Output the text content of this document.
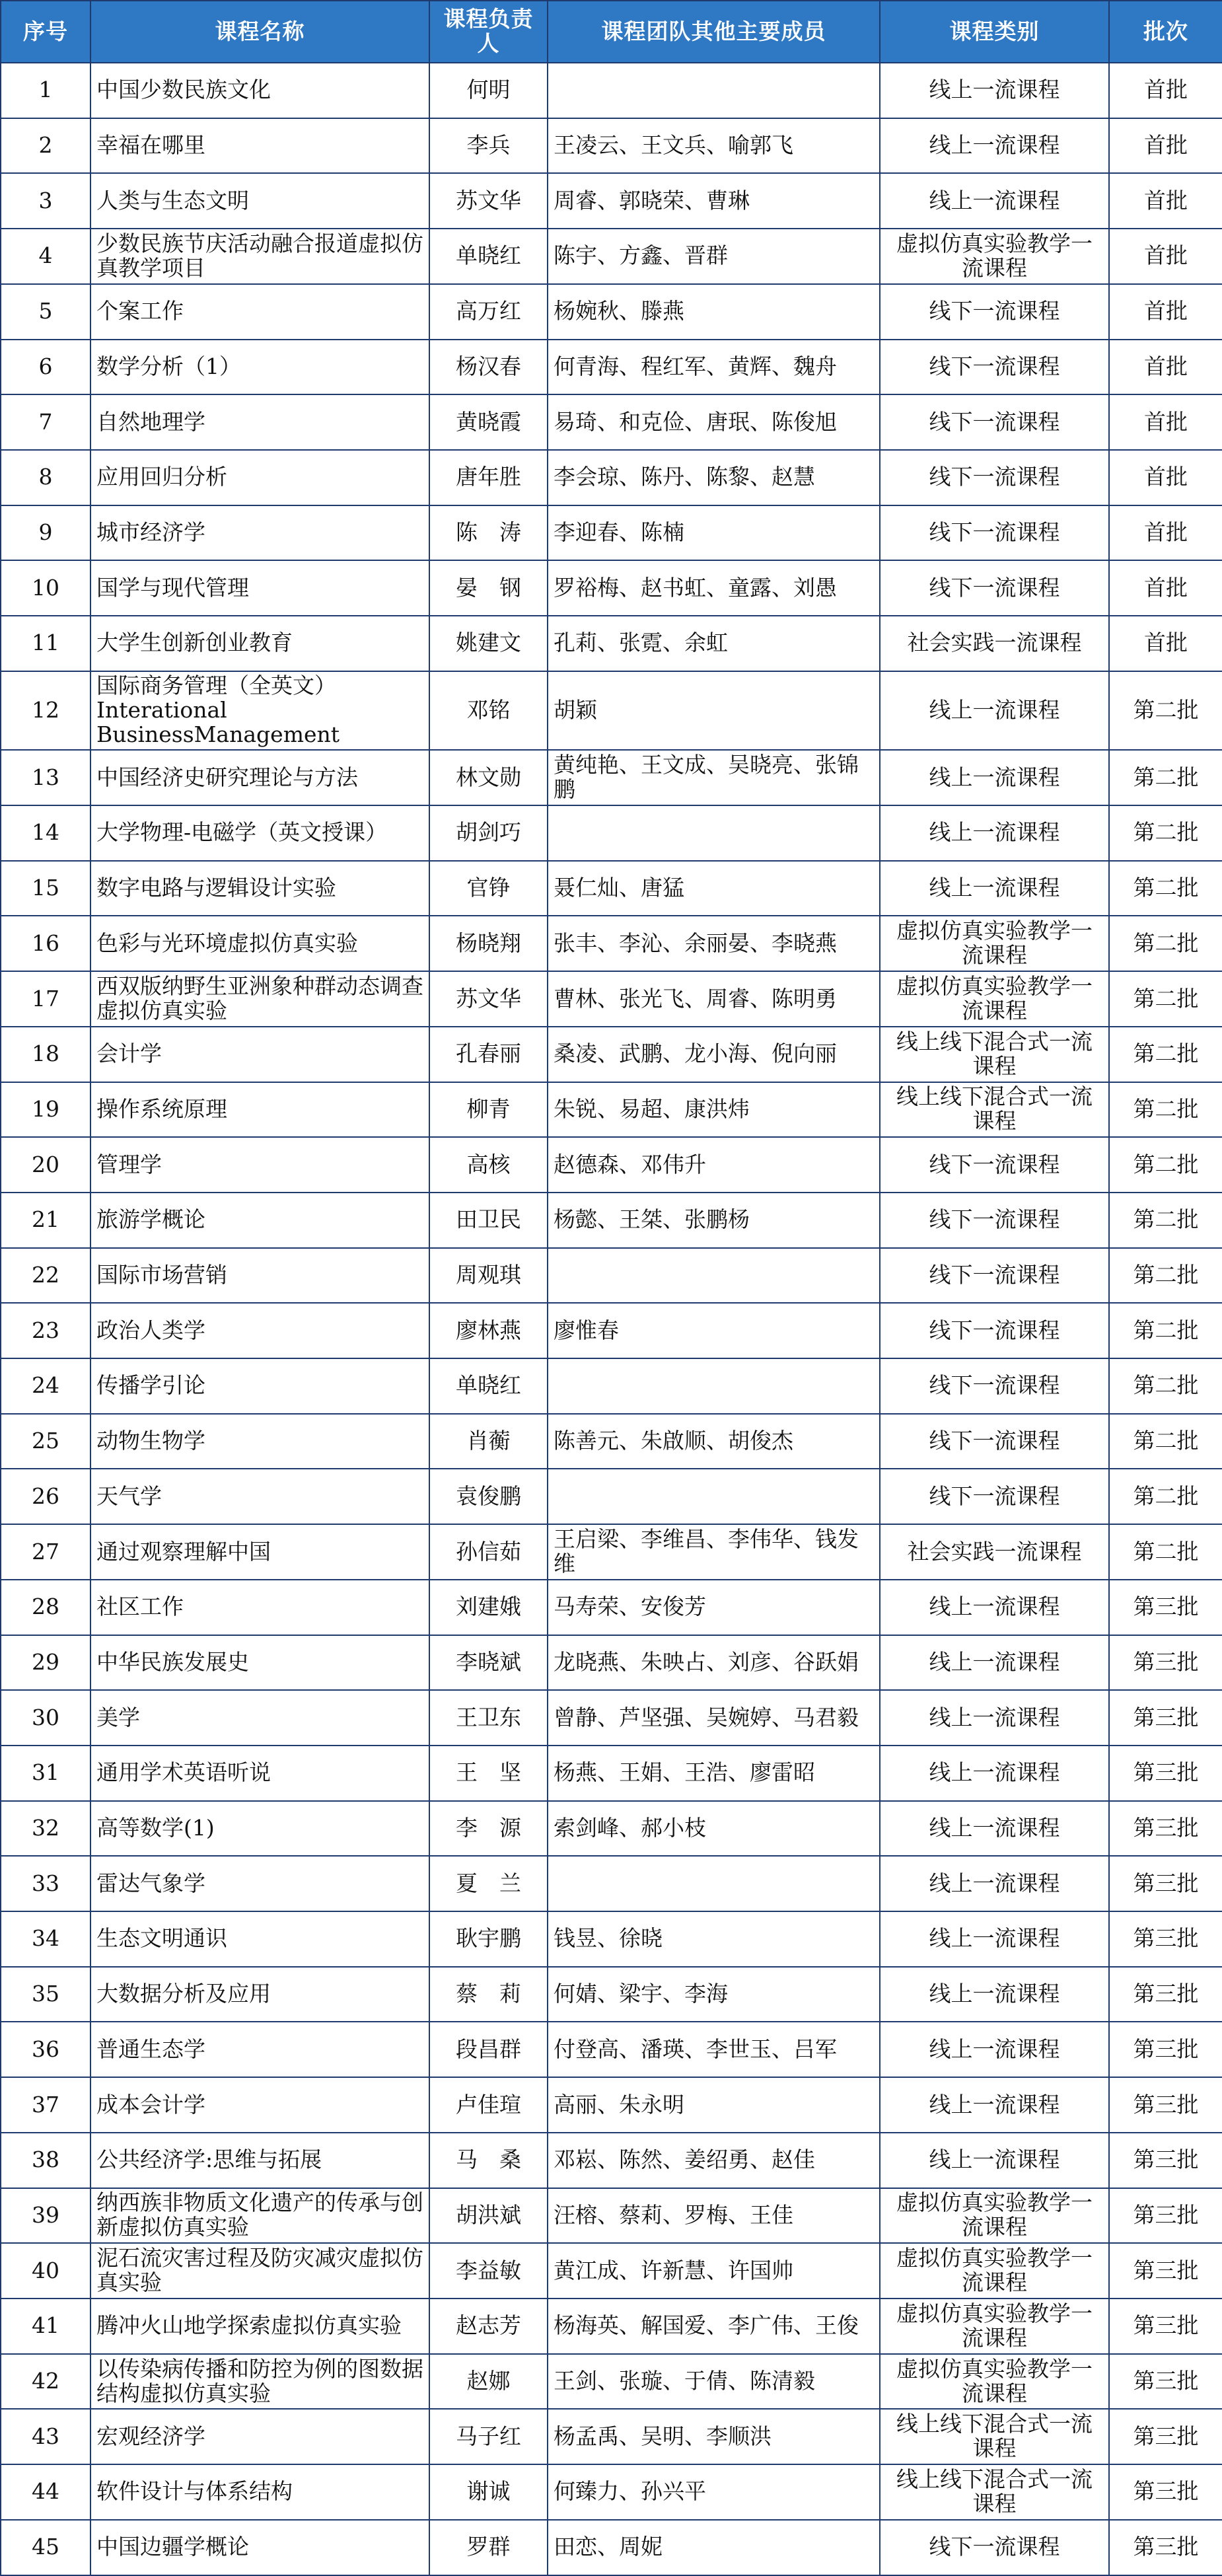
序号	课程名称	课程负责人	课程团队其他主要成员	课程类别	批次
1	中国少数民族文化	何明		线上一流课程	首批
2	幸福在哪里	李兵	王凌云、王文兵、喻郭飞	线上一流课程	首批
3	人类与生态文明	苏文华	周睿、郭晓荣、曹琳	线上一流课程	首批
4	少数民族节庆活动融合报道虚拟仿真教学项目	单晓红	陈宇、方鑫、晋群	虚拟仿真实验教学一流课程	首批
5	个案工作	高万红	杨婉秋、滕燕	线下一流课程	首批
6	数学分析（1）	杨汉春	何青海、程红军、黄辉、魏舟	线下一流课程	首批
7	自然地理学	黄晓霞	易琦、和克俭、唐珉、陈俊旭	线下一流课程	首批
8	应用回归分析	唐年胜	李会琼、陈丹、陈黎、赵慧	线下一流课程	首批
9	城市经济学	陈　涛	李迎春、陈楠	线下一流课程	首批
10	国学与现代管理	晏　钢	罗裕梅、赵书虹、童露、刘愚	线下一流课程	首批
11	大学生创新创业教育	姚建文	孔莉、张霓、余虹	社会实践一流课程	首批
12	国际商务管理（全英文）Interational BusinessManagement	邓铭	胡颖	线上一流课程	第二批
13	中国经济史研究理论与方法	林文勋	黄纯艳、王文成、吴晓亮、张锦鹏	线上一流课程	第二批
14	大学物理-电磁学（英文授课）	胡剑巧		线上一流课程	第二批
15	数字电路与逻辑设计实验	官铮	聂仁灿、唐猛	线上一流课程	第二批
16	色彩与光环境虚拟仿真实验	杨晓翔	张丰、李沁、余丽晏、李晓燕	虚拟仿真实验教学一流课程	第二批
17	西双版纳野生亚洲象种群动态调查虚拟仿真实验	苏文华	曹林、张光飞、周睿、陈明勇	虚拟仿真实验教学一流课程	第二批
18	会计学	孔春丽	桑凌、武鹏、龙小海、倪向丽	线上线下混合式一流课程	第二批
19	操作系统原理	柳青	朱锐、易超、康洪炜	线上线下混合式一流课程	第二批
20	管理学	高核	赵德森、邓伟升	线下一流课程	第二批
21	旅游学概论	田卫民	杨懿、王桀、张鹏杨	线下一流课程	第二批
22	国际市场营销	周观琪		线下一流课程	第二批
23	政治人类学	廖林燕	廖惟春	线下一流课程	第二批
24	传播学引论	单晓红		线下一流课程	第二批
25	动物生物学	肖蘅	陈善元、朱啟顺、胡俊杰	线下一流课程	第二批
26	天气学	袁俊鹏		线下一流课程	第二批
27	通过观察理解中国	孙信茹	王启梁、李维昌、李伟华、钱发维	社会实践一流课程	第二批
28	社区工作	刘建娥	马寿荣、安俊芳	线上一流课程	第三批
29	中华民族发展史	李晓斌	龙晓燕、朱映占、刘彦、谷跃娟	线上一流课程	第三批
30	美学	王卫东	曾静、芦坚强、吴婉婷、马君毅	线上一流课程	第三批
31	通用学术英语听说	王　坚	杨燕、王娟、王浩、廖雷昭	线上一流课程	第三批
32	高等数学(1)	李　源	索剑峰、郝小枝	线上一流课程	第三批
33	雷达气象学	夏　兰		线上一流课程	第三批
34	生态文明通识	耿宇鹏	钱昱、徐晓	线上一流课程	第三批
35	大数据分析及应用	蔡　莉	何婧、梁宇、李海	线上一流课程	第三批
36	普通生态学	段昌群	付登高、潘瑛、李世玉、吕军	线上一流课程	第三批
37	成本会计学	卢佳瑄	高丽、朱永明	线上一流课程	第三批
38	公共经济学:思维与拓展	马　桑	邓崧、陈然、姜绍勇、赵佳	线上一流课程	第三批
39	纳西族非物质文化遗产的传承与创新虚拟仿真实验	胡洪斌	汪榕、蔡莉、罗梅、王佳	虚拟仿真实验教学一流课程	第三批
40	泥石流灾害过程及防灾减灾虚拟仿真实验	李益敏	黄江成、许新慧、许国帅	虚拟仿真实验教学一流课程	第三批
41	腾冲火山地学探索虚拟仿真实验	赵志芳	杨海英、解国爱、李广伟、王俊	虚拟仿真实验教学一流课程	第三批
42	以传染病传播和防控为例的图数据结构虚拟仿真实验	赵娜	王剑、张璇、于倩、陈清毅	虚拟仿真实验教学一流课程	第三批
43	宏观经济学	马子红	杨孟禹、吴明、李顺洪	线上线下混合式一流课程	第三批
44	软件设计与体系结构	谢诚	何臻力、孙兴平	线上线下混合式一流课程	第三批
45	中国边疆学概论	罗群	田恋、周妮	线下一流课程	第三批
